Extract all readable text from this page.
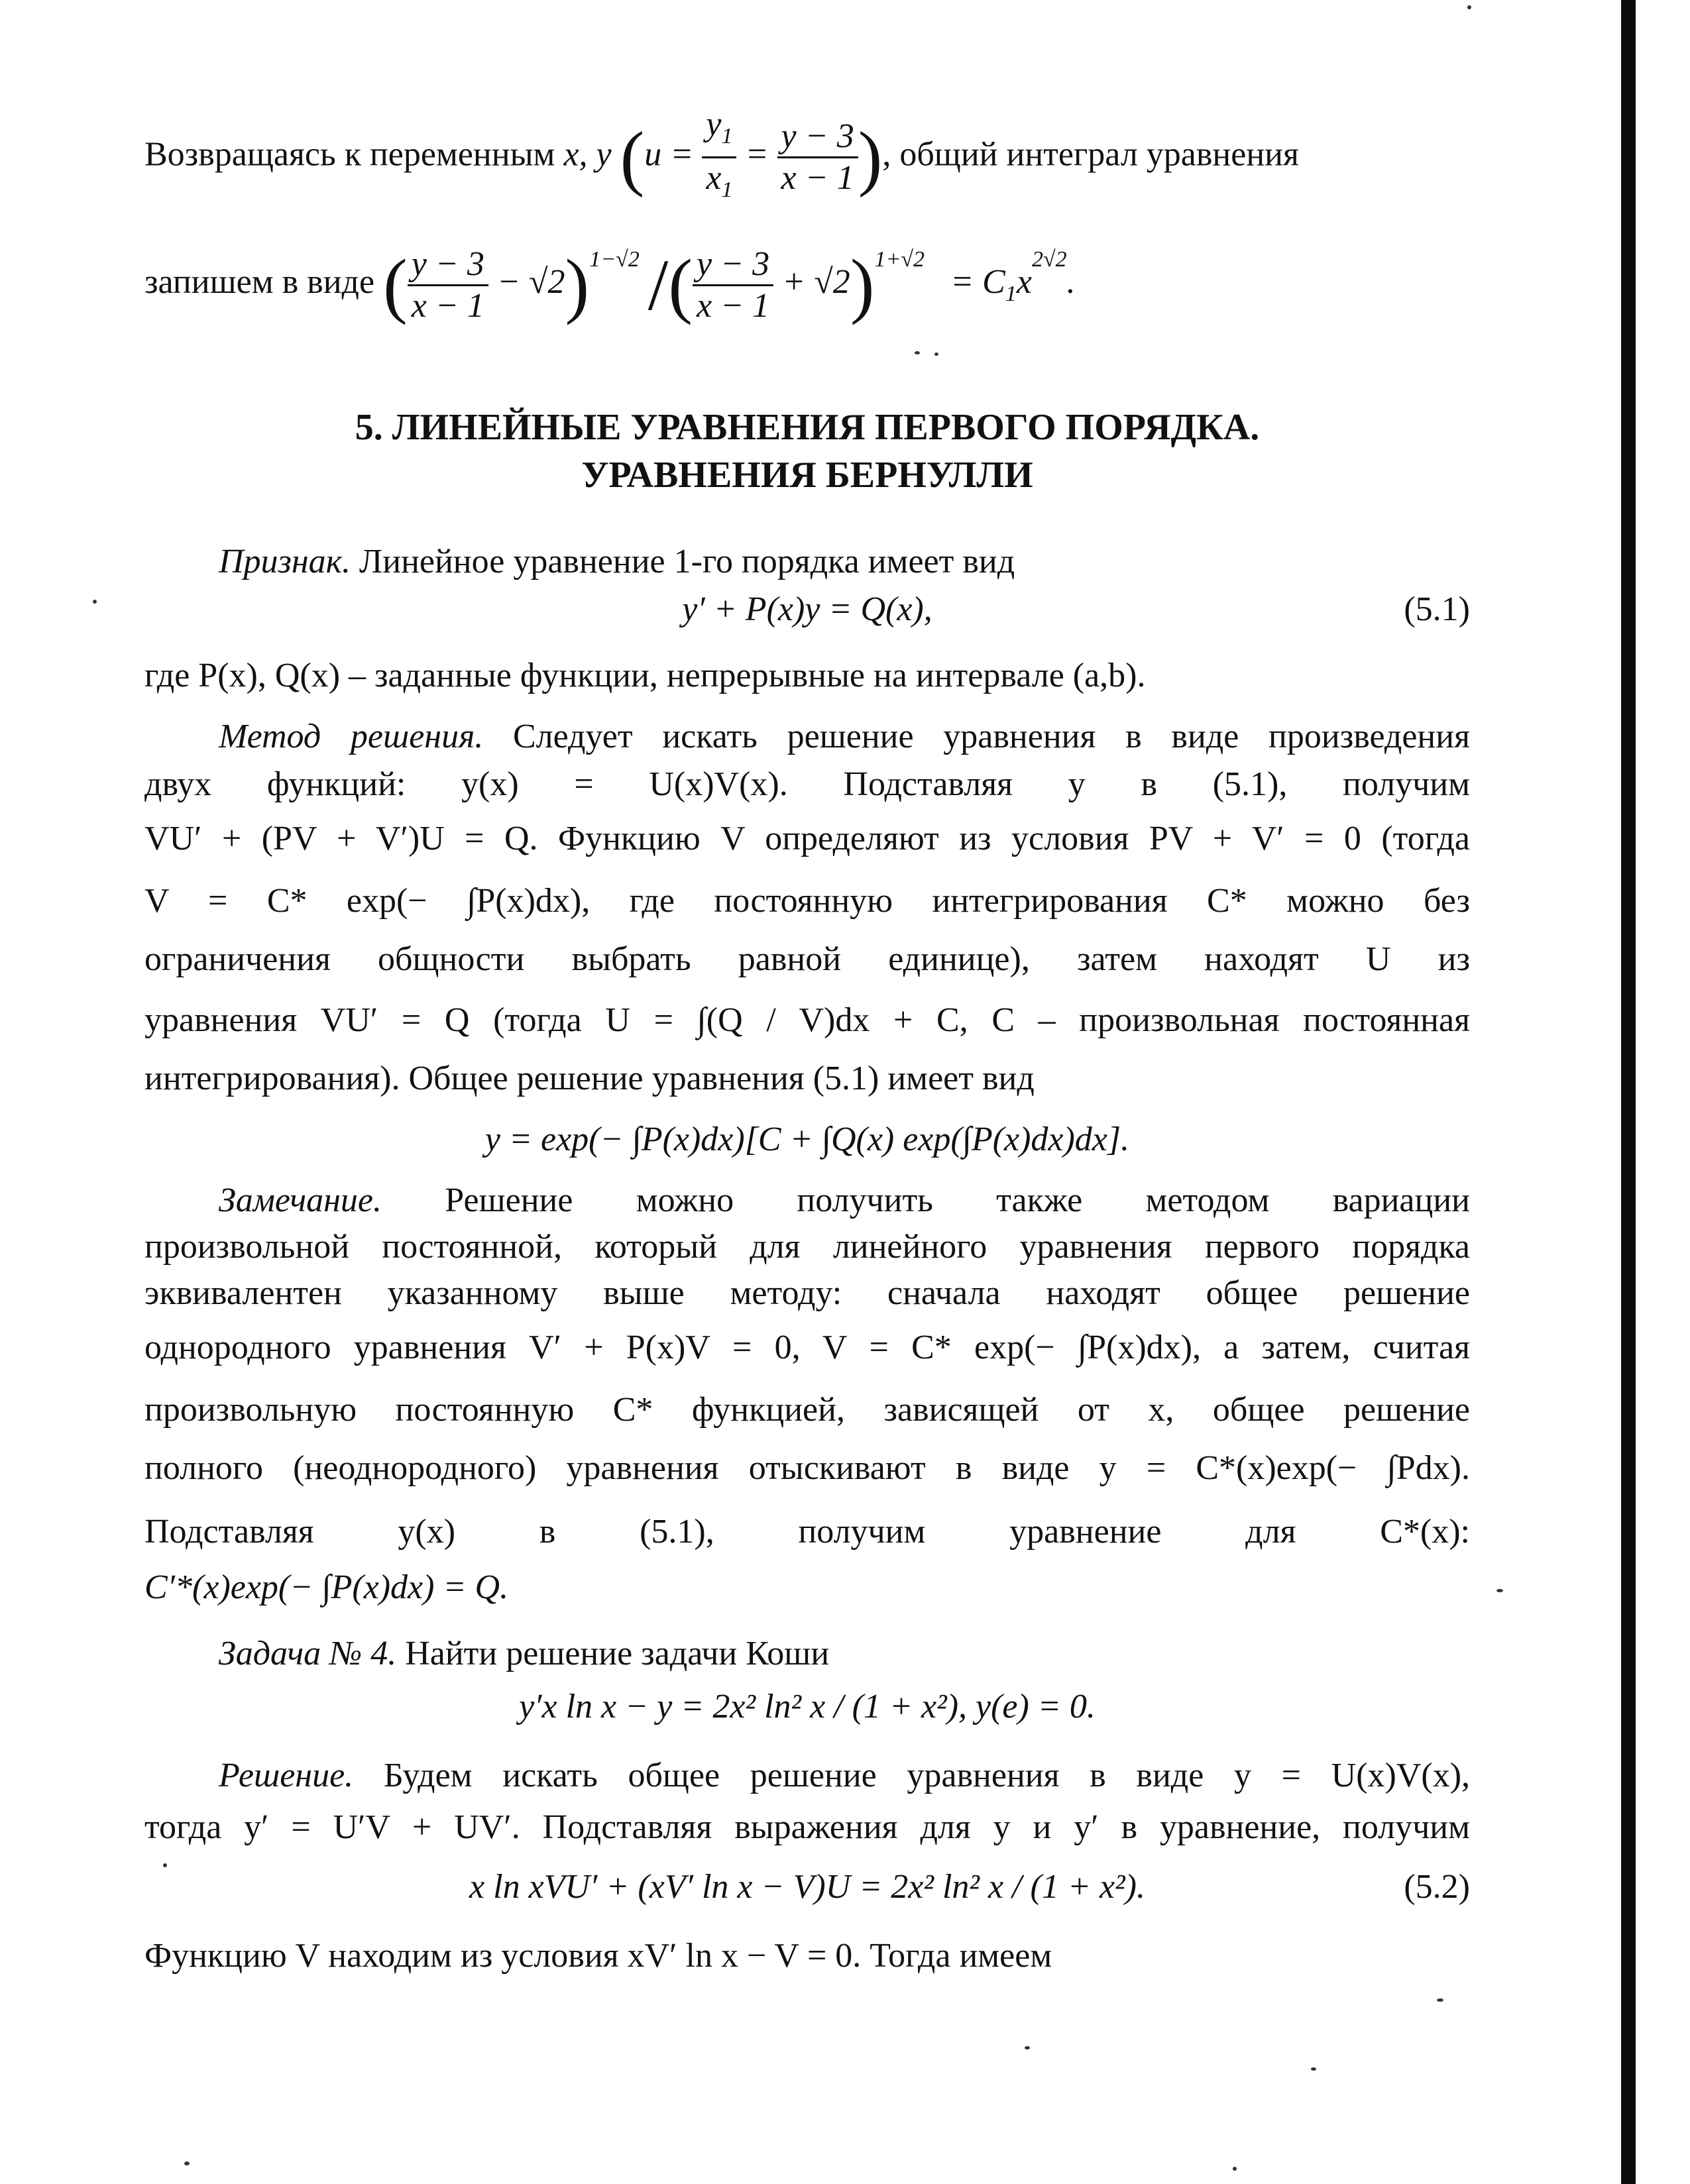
Возвращаясь к переменным x, y ($u = \frac{y_1}{x_1} = \frac{y - 3}{x - 1}$ ), общий интеграл уравнения
запишем в виде ( $\frac{y - 3}{x - 1} - √2)^{1-√2}$ /( $\frac{y - 3}{x - 1} + √2)^{1+√2} = C_1x^{2√2}$.
5. ЛИНЕЙНЫЕ УРАВНЕНИЯ ПЕРВОГО ПОРЯДКА.
УРАВНЕНИЯ БЕРНУЛЛИ
Признак. Линейное уравнение 1-го порядка имеет вид
y′ + P(x)y = Q(x),	(5.1)
где P(x), Q(x) – заданные функции, непрерывные на интервале (a,b).
Метод решения. Следует искать решение уравнения в виде произведения
двух функций: y(x) = U(x)V(x). Подставляя y в (5.1), получим
VU′ + (PV + V′)U = Q. Функцию V определяют из условия PV + V′ = 0 (тогда
V = C* exp(− ∫P(x)dx), где постоянную интегрирования C* можно без
ограничения общности выбрать равной единице), затем находят U из
уравнения VU′ = Q (тогда U = ∫(Q / V)dx + C, C – произвольная постоянная
интегрирования). Общее решение уравнения (5.1) имеет вид
y = exp(− ∫P(x)dx)[C + ∫Q(x) exp(∫P(x)dx)dx].
Замечание. Решение можно получить также методом вариации
произвольной постоянной, который для линейного уравнения первого порядка
эквивалентен указанному выше методу: сначала находят общее решение
однородного уравнения V′ + P(x)V = 0, V = C* exp(− ∫P(x)dx), а затем, считая
произвольную постоянную C* функцией, зависящей от x, общее решение
полного (неоднородного) уравнения отыскивают в виде y = C*(x)exp(− ∫Pdx).
Подставляя y(x) в (5.1), получим уравнение для C*(x):
C′*(x)exp(− ∫P(x)dx) = Q.
Задача № 4. Найти решение задачи Коши
y′x ln x − y = 2x² ln² x / (1 + x²), y(e) = 0.
Решение. Будем искать общее решение уравнения в виде y = U(x)V(x),
тогда y′ = U′V + UV′. Подставляя выражения для y и y′ в уравнение, получим
x ln xVU′ + (xV′ ln x − V)U = 2x² ln² x / (1 + x²).	(5.2)
Функцию V находим из условия xV′ ln x − V = 0. Тогда имеем
